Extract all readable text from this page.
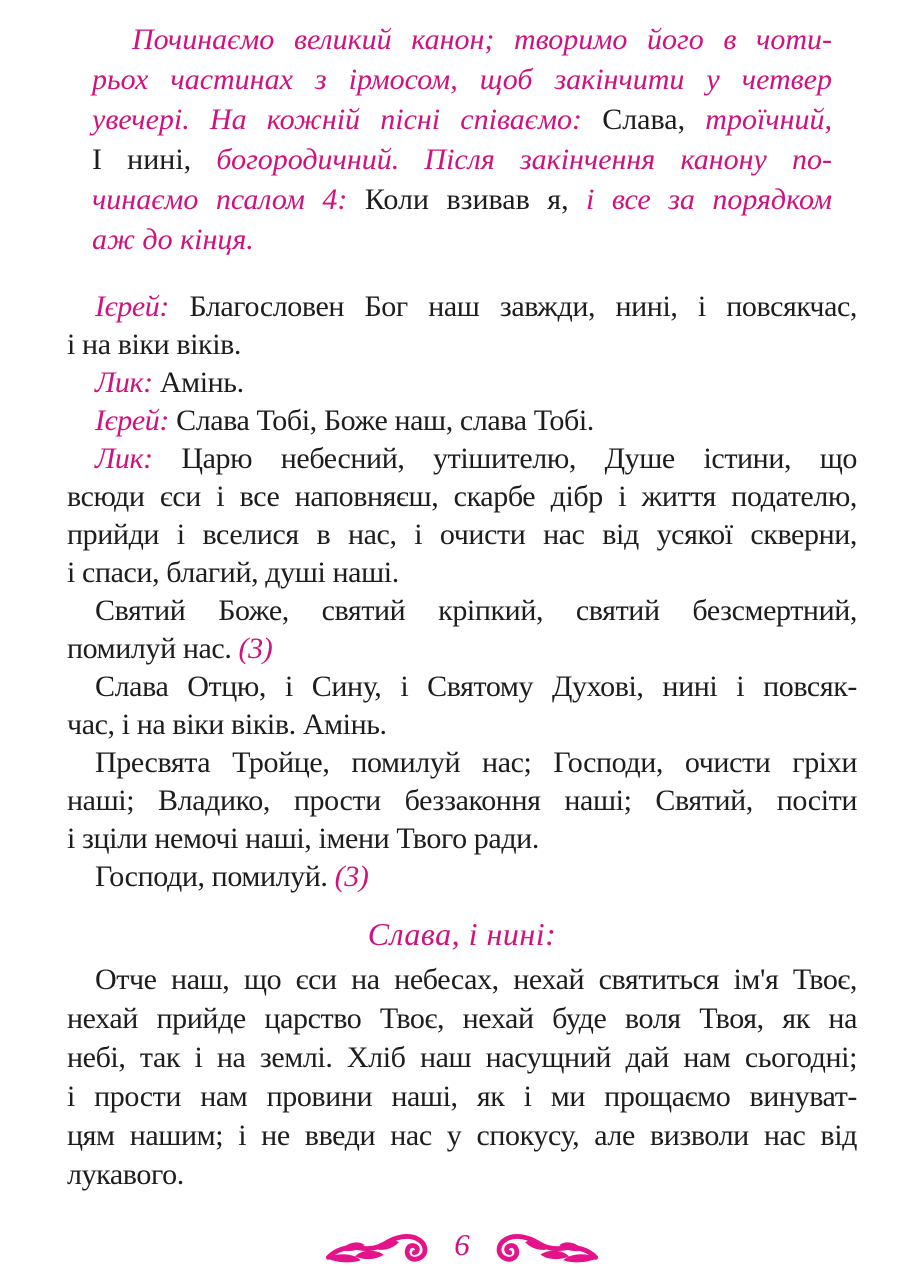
Починаємо великий канон; творимо його в чоти-
рьох частинах з ірмосом, щоб закінчити у четвер
увечері. На кожній пісні співаємо: Слава, троїчний,
І нині, богородичний. Після закінчення канону по-
чинаємо псалом 4: Коли взивав я, і все за порядком
аж до кінця.
Ієрей: Благословен Бог наш завжди, нині, і повсякчас,
і на віки віків.
Лик: Амінь.
Ієрей: Слава Тобі, Боже наш, слава Тобі.
Лик: Царю небесний, утішителю, Душе істини, що
всюди єси і все наповняєш, скарбе дібр і життя подателю,
прийди і вселися в нас, і очисти нас від усякої скверни,
і спаси, благий, душі наші.
Святий Боже, святий кріпкий, святий безсмертний,
помилуй нас. (3)
Слава Отцю, і Сину, і Святому Духові, нині і повсяк-
час, і на віки віків. Амінь.
Пресвята Тройце, помилуй нас; Господи, очисти гріхи
наші; Владико, прости беззаконня наші; Святий, посіти
і зціли немочі наші, імени Твого ради.
Господи, помилуй. (3)
Слава, і нині:
Отче наш, що єси на небесах, нехай святиться ім'я Твоє,
нехай прийде царство Твоє, нехай буде воля Твоя, як на
небі, так і на землі. Хліб наш насущний дай нам сьогодні;
і прости нам провини наші, як і ми прощаємо винуват-
цям нашим; і не введи нас у спокусу, але визволи нас від
лукавого.
6
